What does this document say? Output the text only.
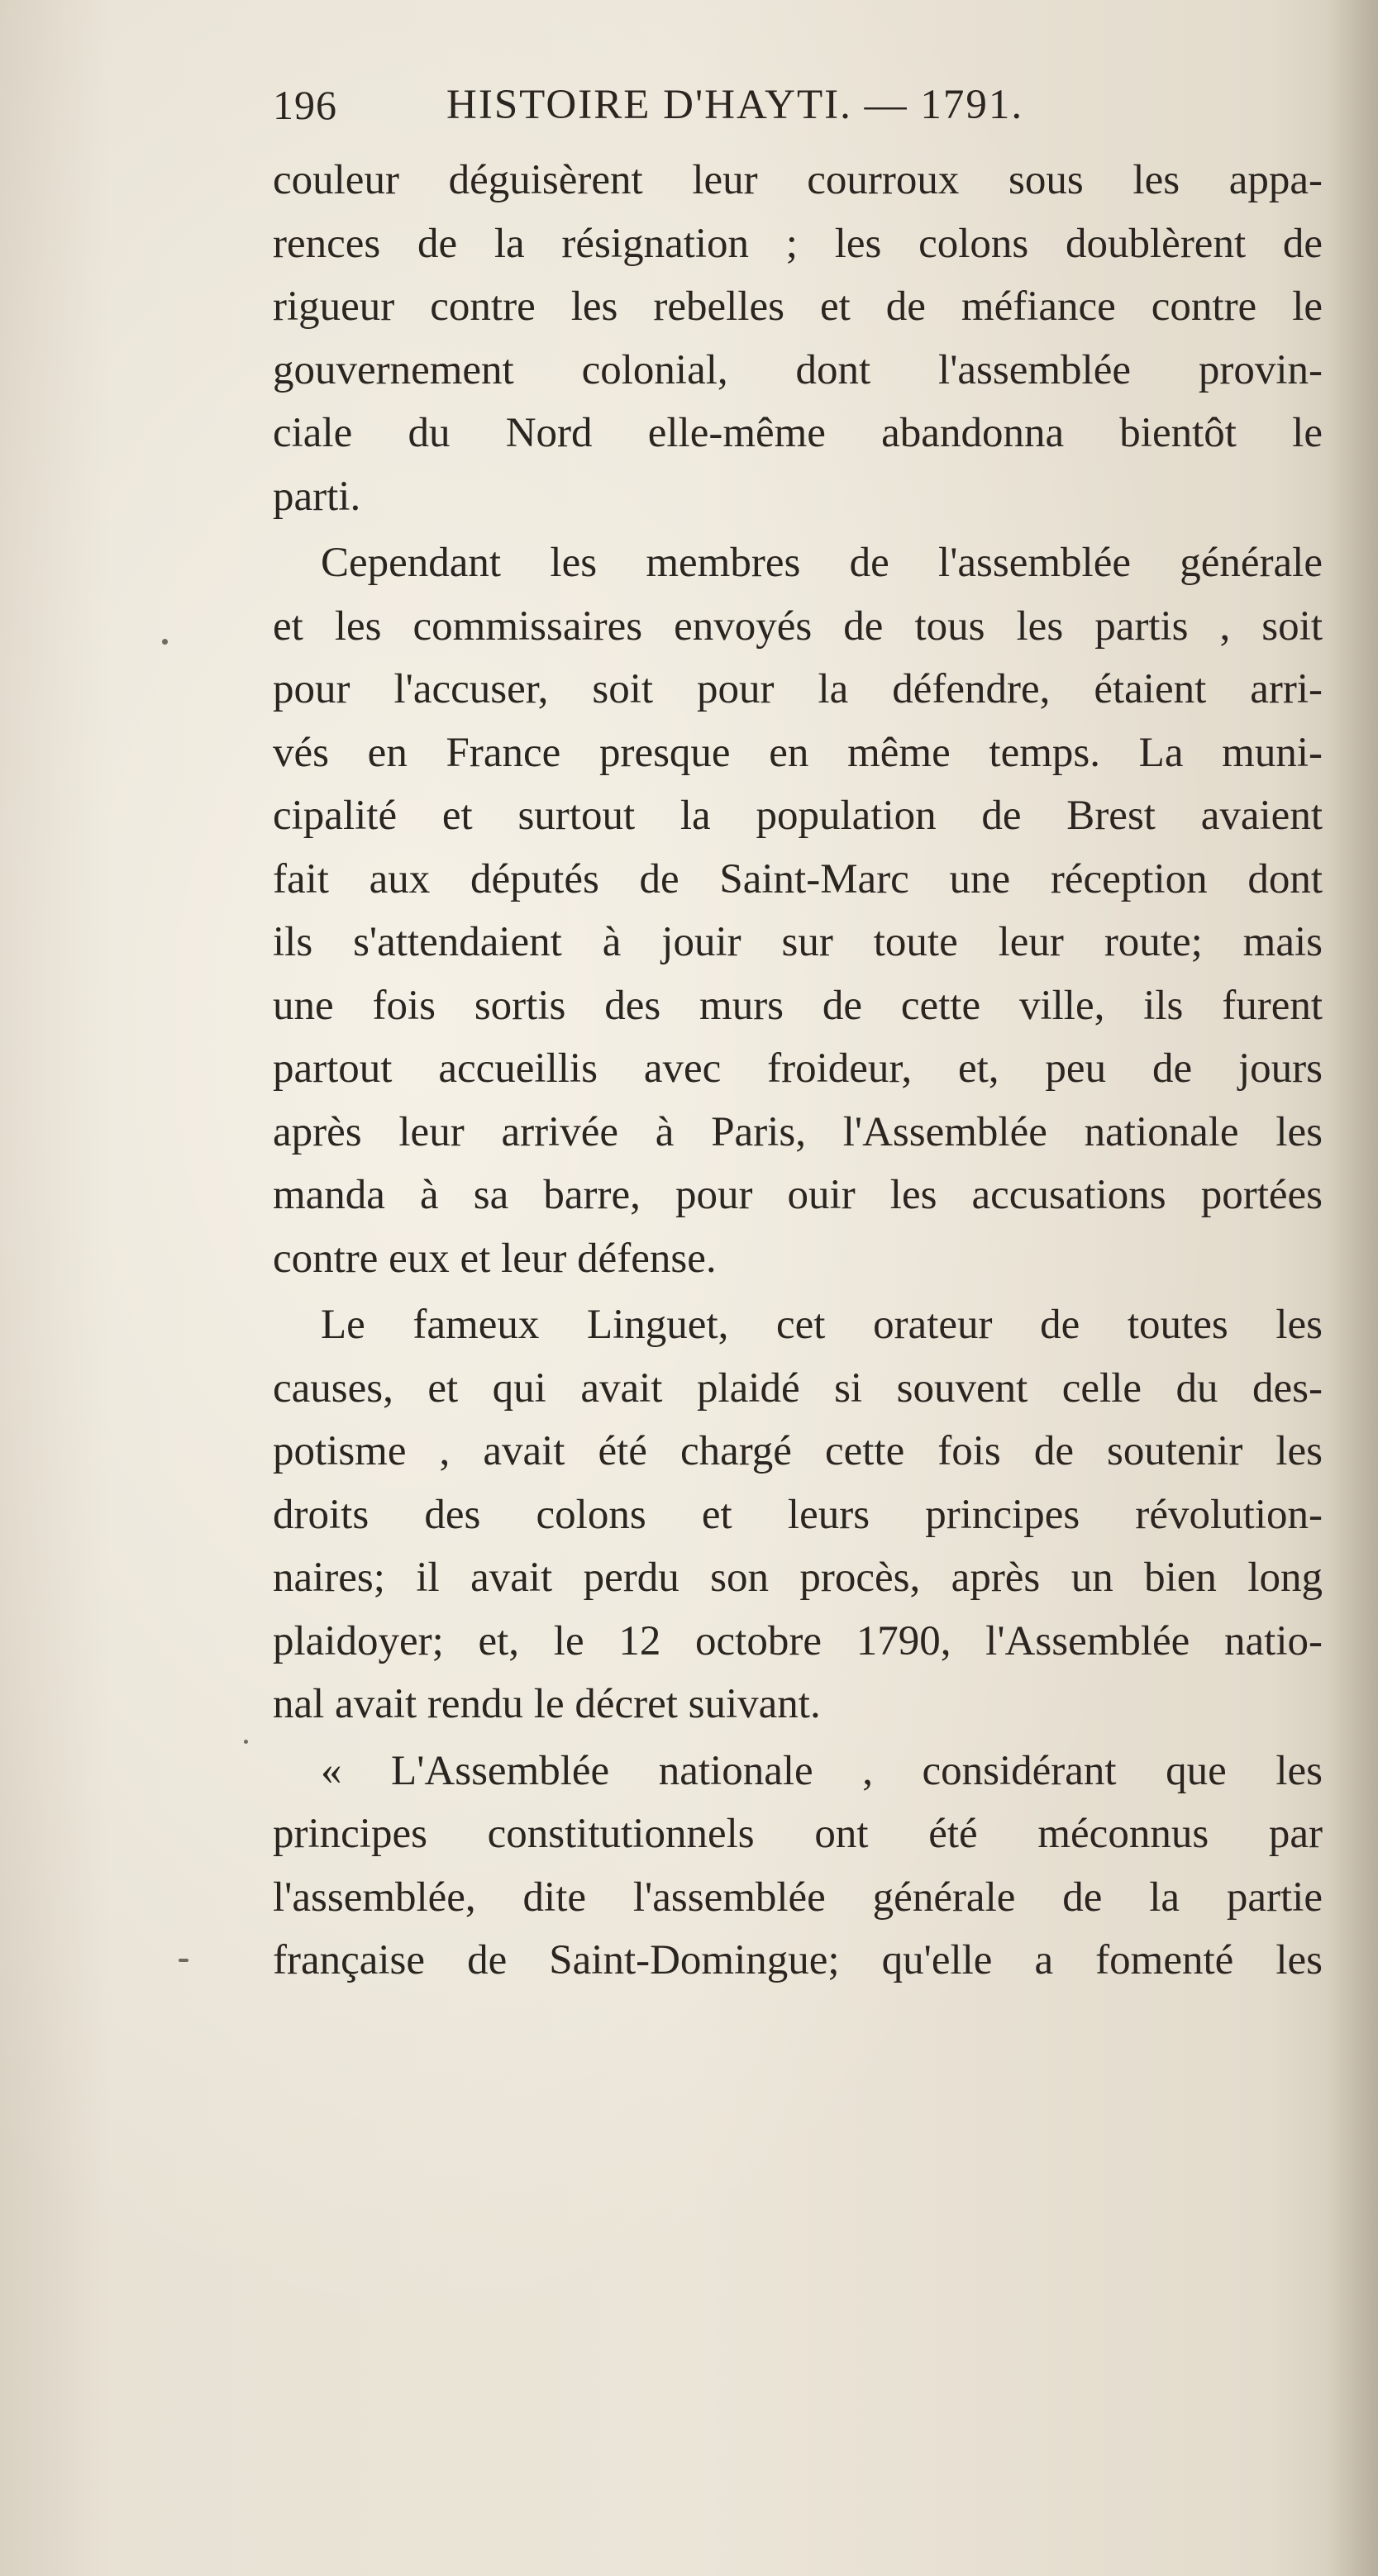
196	HISTOIRE D'HAYTI. — 1791.
couleur déguisèrent leur courroux sous les appa-
rences de la résignation ; les colons doublèrent de
rigueur contre les rebelles et de méfiance contre le
gouvernement colonial, dont l'assemblée provin-
ciale du Nord elle-même abandonna bientôt le
parti.
Cependant les membres de l'assemblée générale
et les commissaires envoyés de tous les partis , soit
pour l'accuser, soit pour la défendre, étaient arri-
vés en France presque en même temps. La muni-
cipalité et surtout la population de Brest avaient
fait aux députés de Saint-Marc une réception dont
ils s'attendaient à jouir sur toute leur route; mais
une fois sortis des murs de cette ville, ils furent
partout accueillis avec froideur, et, peu de jours
après leur arrivée à Paris, l'Assemblée nationale les
manda à sa barre, pour ouir les accusations portées
contre eux et leur défense.
Le fameux Linguet, cet orateur de toutes les
causes, et qui avait plaidé si souvent celle du des-
potisme , avait été chargé cette fois de soutenir les
droits des colons et leurs principes révolution-
naires; il avait perdu son procès, après un bien long
plaidoyer; et, le 12 octobre 1790, l'Assemblée natio-
nal avait rendu le décret suivant.
« L'Assemblée nationale , considérant que les
principes constitutionnels ont été méconnus par
l'assemblée, dite l'assemblée générale de la partie
française de Saint-Domingue; qu'elle a fomenté les
